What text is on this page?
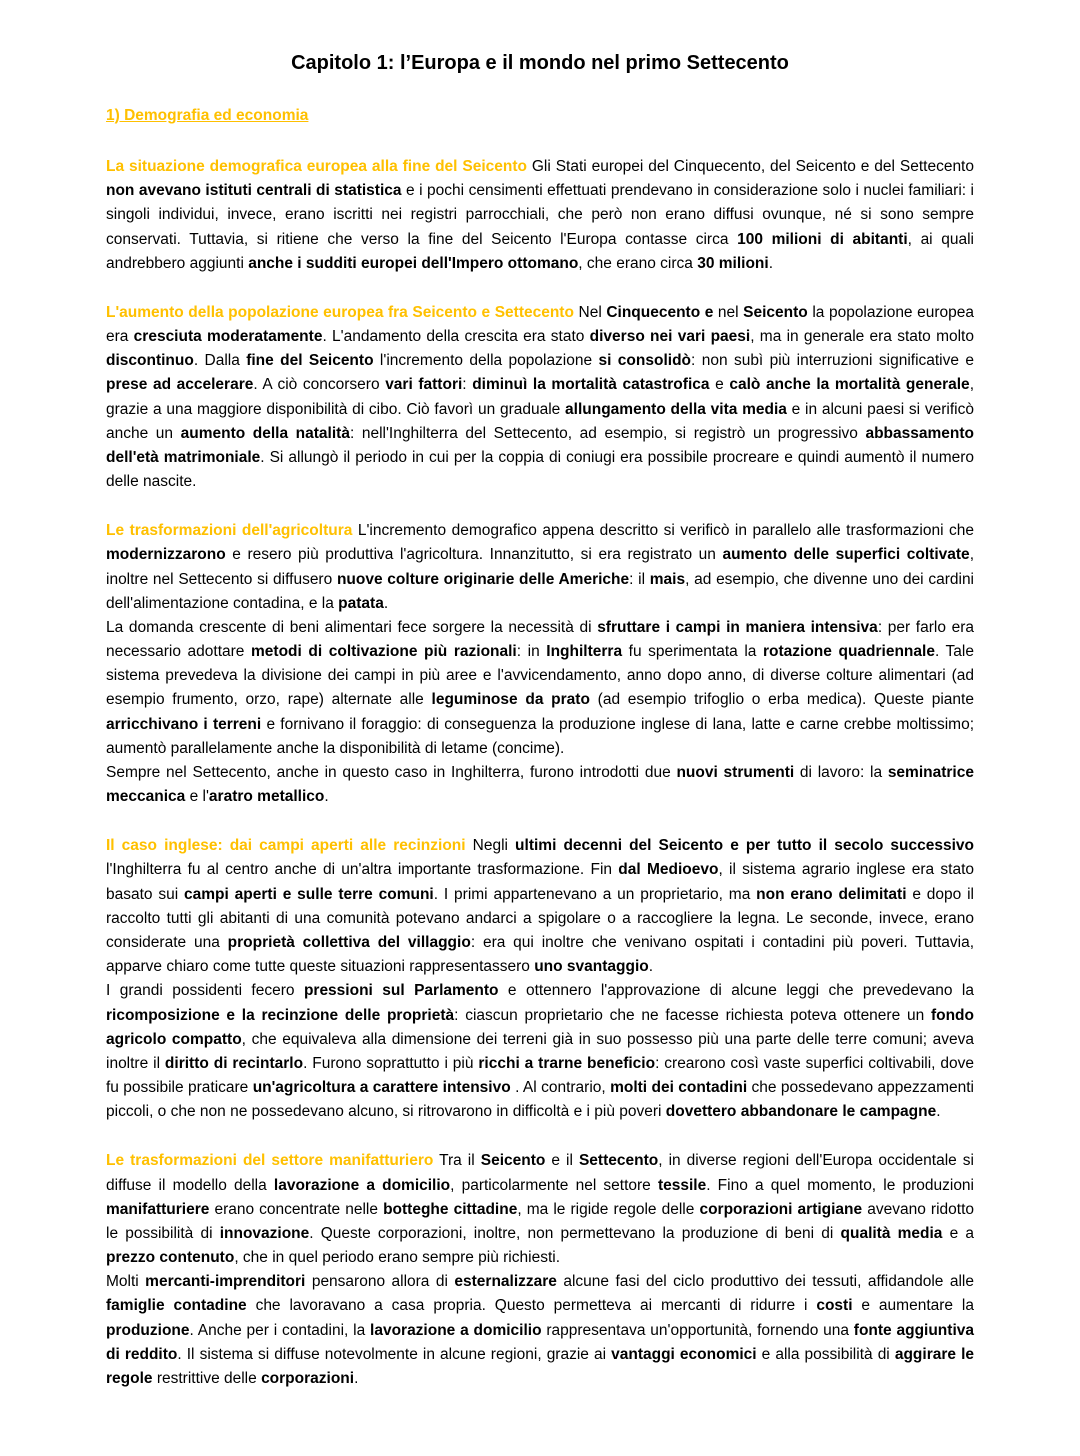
Capitolo 1: l’Europa e il mondo nel primo Settecento
1) Demografia ed economia

La situazione demografica europea alla fine del Seicento Gli Stati europei del Cinquecento, del Seicento e del Settecento non avevano istituti centrali di statistica e i pochi censimenti effettuati prendevano in considerazione solo i nuclei familiari: i singoli individui, invece, erano iscritti nei registri parrocchiali, che però non erano diffusi ovunque, né si sono sempre conservati. Tuttavia, si ritiene che verso la fine del Seicento l'Europa contasse circa 100 milioni di abitanti, ai quali andrebbero aggiunti anche i sudditi europei dell'Impero ottomano, che erano circa 30 milioni.

L'aumento della popolazione europea fra Seicento e Settecento Nel Cinquecento e nel Seicento la popolazione europea era cresciuta moderatamente. L'andamento della crescita era stato diverso nei vari paesi, ma in generale era stato molto discontinuo. Dalla fine del Seicento l'incremento della popolazione si consolidò: non subì più interruzioni significative e prese ad accelerare. A ciò concorsero vari fattori: diminuì la mortalità catastrofica e calò anche la mortalità generale, grazie a una maggiore disponibilità di cibo. Ciò favorì un graduale allungamento della vita media e in alcuni paesi si verificò anche un aumento della natalità: nell'Inghilterra del Settecento, ad esempio, si registrò un progressivo abbassamento dell'età matrimoniale. Si allungò il periodo in cui per la coppia di coniugi era possibile procreare e quindi aumentò il numero delle nascite.

Le trasformazioni dell'agricoltura L'incremento demografico appena descritto si verificò in parallelo alle trasformazioni che modernizzarono e resero più produttiva l'agricoltura. Innanzitutto, si era registrato un aumento delle superfici coltivate, inoltre nel Settecento si diffusero nuove colture originarie delle Americhe: il mais, ad esempio, che divenne uno dei cardini dell'alimentazione contadina, e la patata.
La domanda crescente di beni alimentari fece sorgere la necessità di sfruttare i campi in maniera intensiva: per farlo era necessario adottare metodi di coltivazione più razionali: in Inghilterra fu sperimentata la rotazione quadriennale. Tale sistema prevedeva la divisione dei campi in più aree e l'avvicendamento, anno dopo anno, di diverse colture alimentari (ad esempio frumento, orzo, rape) alternate alle leguminose da prato (ad esempio trifoglio o erba medica). Queste piante arricchivano i terreni e fornivano il foraggio: di conseguenza la produzione inglese di lana, latte e carne crebbe moltissimo; aumentò parallelamente anche la disponibilità di letame (concime).
Sempre nel Settecento, anche in questo caso in Inghilterra, furono introdotti due nuovi strumenti di lavoro: la seminatrice meccanica e l'aratro metallico.

Il caso inglese: dai campi aperti alle recinzioni Negli ultimi decenni del Seicento e per tutto il secolo successivo l'Inghilterra fu al centro anche di un'altra importante trasformazione. Fin dal Medioevo, il sistema agrario inglese era stato basato sui campi aperti e sulle terre comuni. I primi appartenevano a un proprietario, ma non erano delimitati e dopo il raccolto tutti gli abitanti di una comunità potevano andarci a spigolare o a raccogliere la legna. Le seconde, invece, erano considerate una proprietà collettiva del villaggio: era qui inoltre che venivano ospitati i contadini più poveri. Tuttavia, apparve chiaro come tutte queste situazioni rappresentassero uno svantaggio.
I grandi possidenti fecero pressioni sul Parlamento e ottennero l'approvazione di alcune leggi che prevedevano la ricomposizione e la recinzione delle proprietà: ciascun proprietario che ne facesse richiesta poteva ottenere un fondo agricolo compatto, che equivaleva alla dimensione dei terreni già in suo possesso più una parte delle terre comuni; aveva inoltre il diritto di recintarlo. Furono soprattutto i più ricchi a trarne beneficio: crearono così vaste superfici coltivabili, dove fu possibile praticare un'agricoltura a carattere intensivo . Al contrario, molti dei contadini che possedevano appezzamenti piccoli, o che non ne possedevano alcuno, si ritrovarono in difficoltà e i più poveri dovettero abbandonare le campagne.

Le trasformazioni del settore manifatturiero Tra il Seicento e il Settecento, in diverse regioni dell'Europa occidentale si diffuse il modello della lavorazione a domicilio, particolarmente nel settore tessile. Fino a quel momento, le produzioni manifatturiere erano concentrate nelle botteghe cittadine, ma le rigide regole delle corporazioni artigiane avevano ridotto le possibilità di innovazione. Queste corporazioni, inoltre, non permettevano la produzione di beni di qualità media e a prezzo contenuto, che in quel periodo erano sempre più richiesti.
Molti mercanti-imprenditori pensarono allora di esternalizzare alcune fasi del ciclo produttivo dei tessuti, affidandole alle famiglie contadine che lavoravano a casa propria. Questo permetteva ai mercanti di ridurre i costi e aumentare la produzione. Anche per i contadini, la lavorazione a domicilio rappresentava un'opportunità, fornendo una fonte aggiuntiva di reddito. Il sistema si diffuse notevolmente in alcune regioni, grazie ai vantaggi economici e alla possibilità di aggirare le regole restrittive delle corporazioni.
